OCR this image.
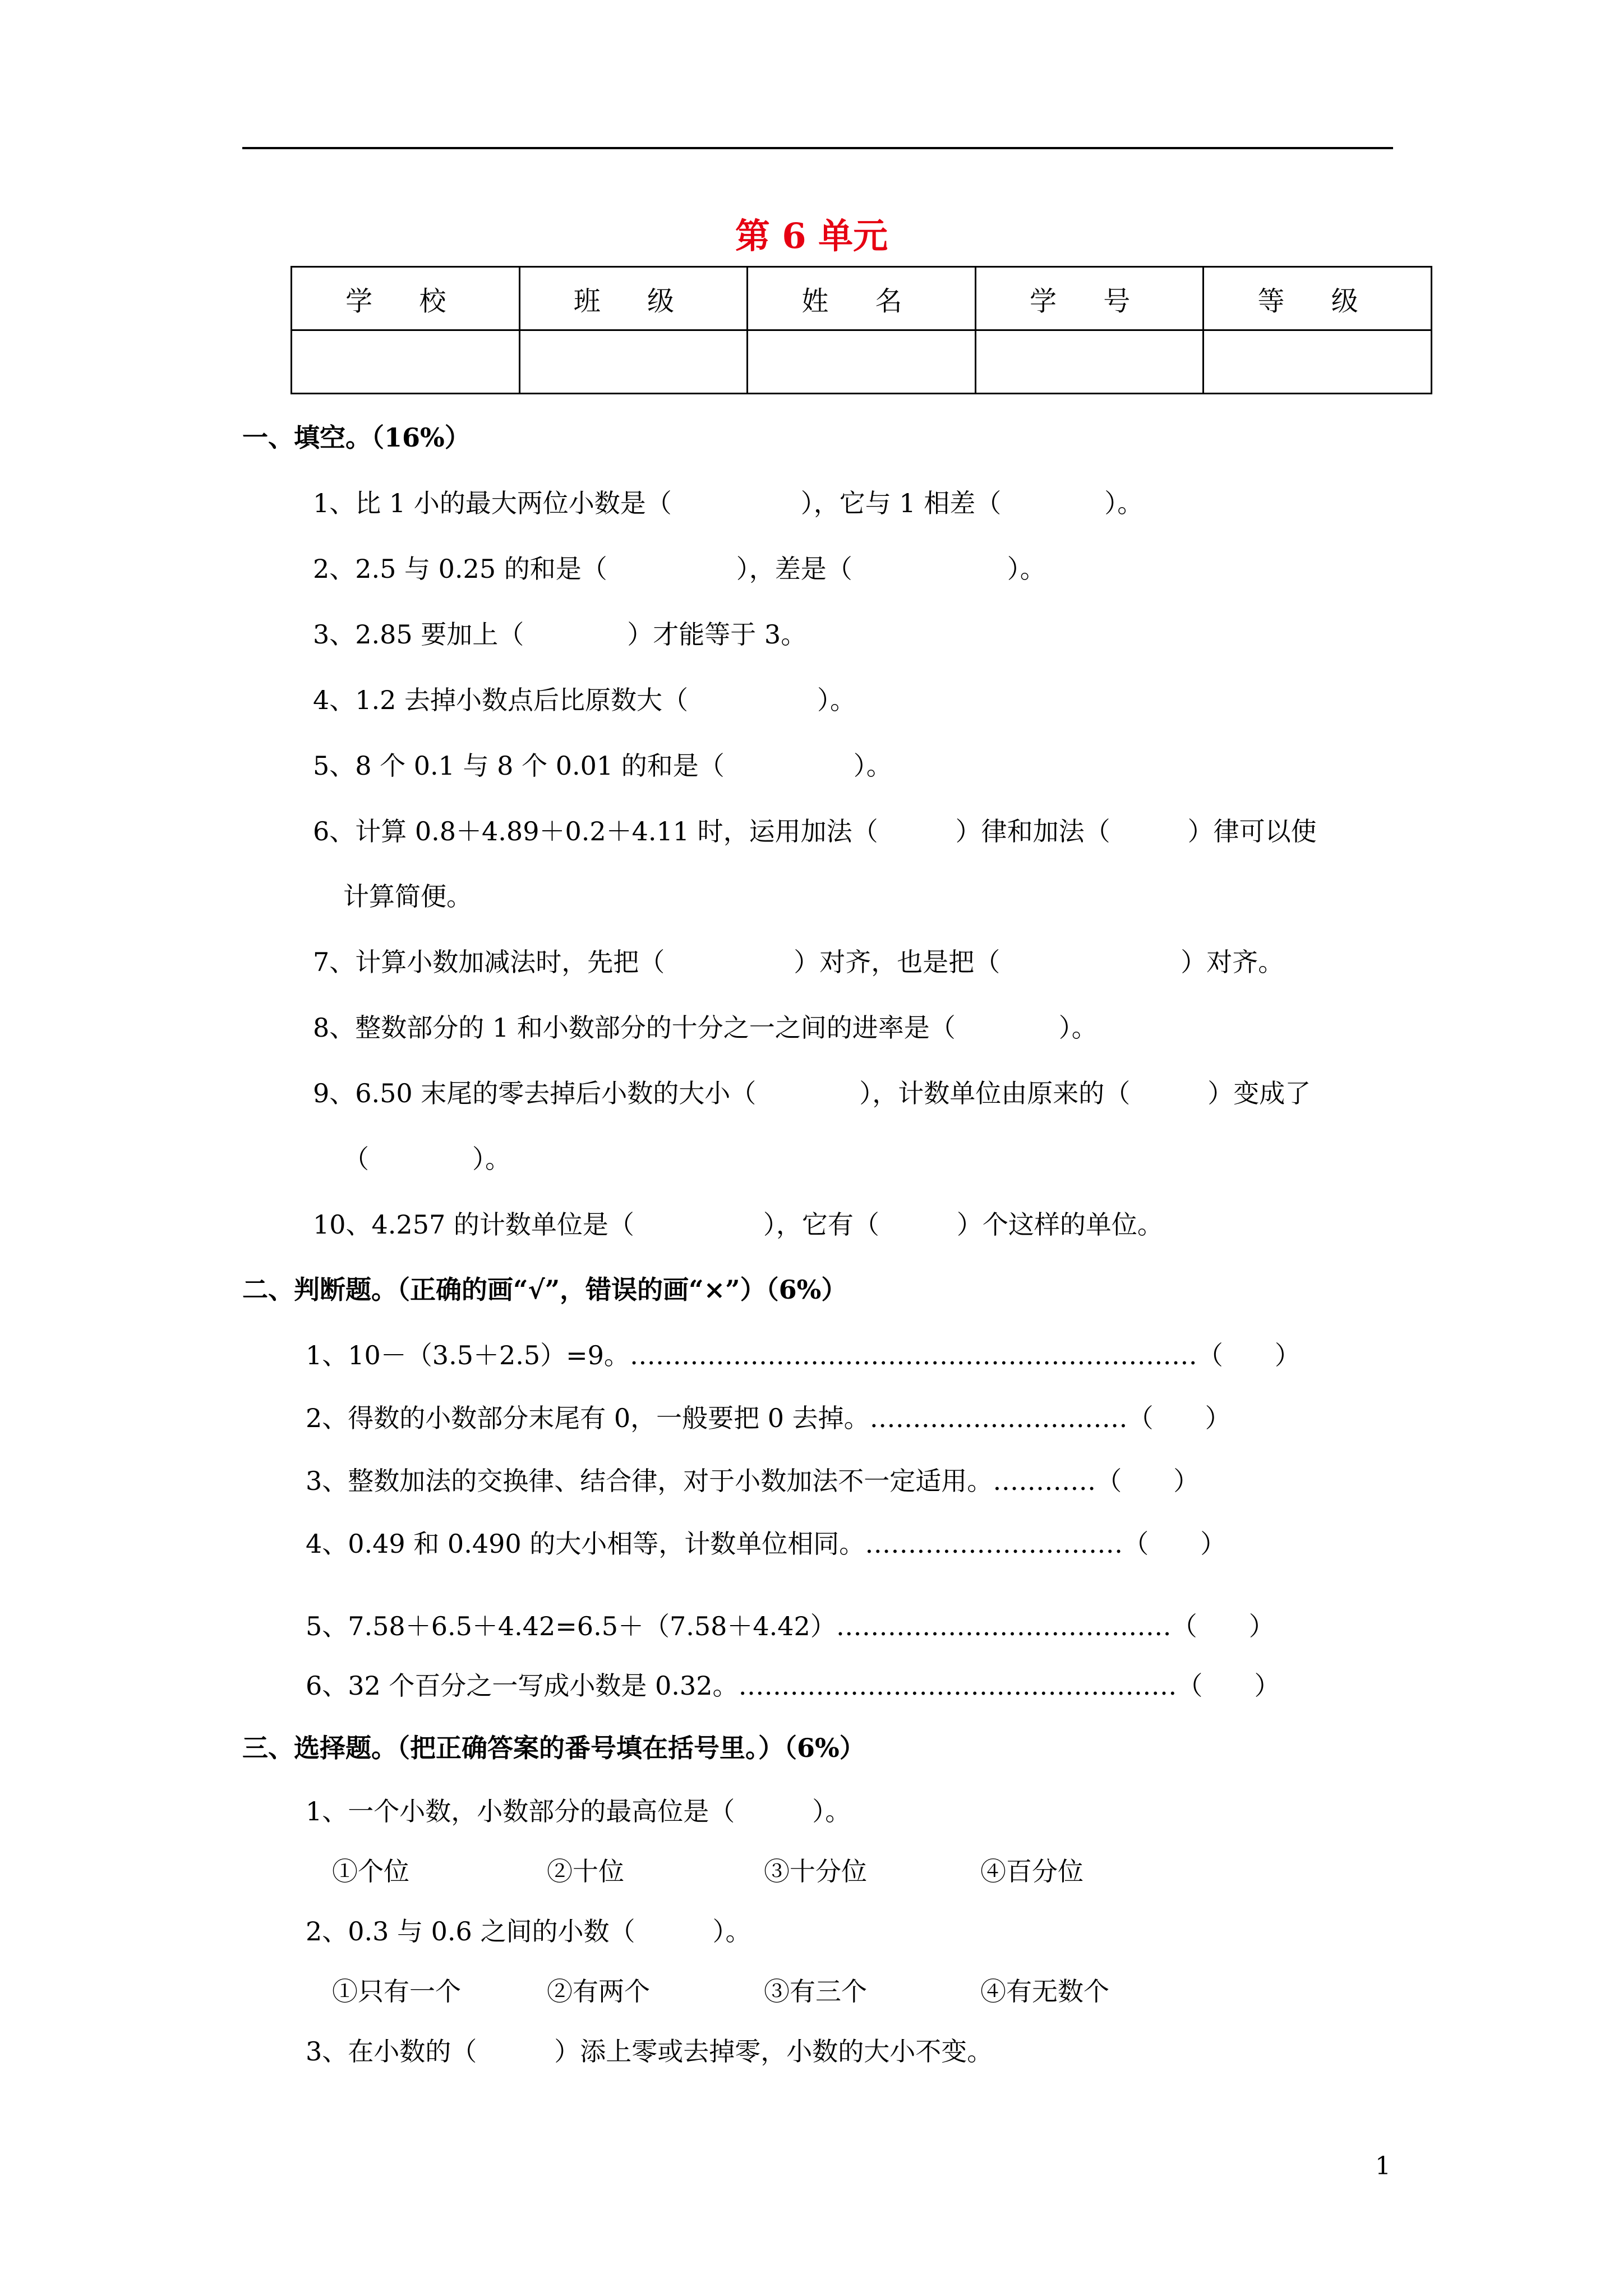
第 6 单元
学 校	班 级	姓 名	学 号	等 级

一、填空。（16%）
1、比 1 小的最大两位小数是（　　　　　），它与 1 相差（　　　　）。
2、2.5 与 0.25 的和是（　　　　　），差是（　　　　　　）。
3、2.85 要加上（　　　　）才能等于 3。
4、1.2 去掉小数点后比原数大（　　　　　）。
5、8 个 0.1 与 8 个 0.01 的和是（　　　　　）。
6、计算 0.8＋4.89＋0.2＋4.11 时，运用加法（　　　）律和加法（　　　）律可以使
计算简便。
7、计算小数加减法时，先把（　　　　　）对齐，也是把（　　　　　　　）对齐。
8、整数部分的 1 和小数部分的十分之一之间的进率是（　　　　）。
9、6.50 末尾的零去掉后小数的大小（　　　　），计数单位由原来的（　　　）变成了
（　　　　）。
10、4.257 的计数单位是（　　　　　），它有（　　　）个这样的单位。
二、判断题。（正确的画“√”，错误的画“×”）（6%）
1、10－（3.5＋2.5）=9。…………………………………………………………（　　）
2、得数的小数部分末尾有 0，一般要把 0 去掉。…………………………（　　）
3、整数加法的交换律、结合律，对于小数加法不一定适用。…………（　　）
4、0.49 和 0.490 的大小相等，计数单位相同。…………………………（　　）
5、7.58＋6.5＋4.42=6.5＋（7.58＋4.42）…………………………………（　　）
6、32 个百分之一写成小数是 0.32。……………………………………………（　　）
三、选择题。（把正确答案的番号填在括号里。）（6%）
1、一个小数，小数部分的最高位是（　　　）。
①个位	②十位	③十分位	④百分位
2、0.3 与 0.6 之间的小数（　　　）。
①只有一个	②有两个	③有三个	④有无数个
3、在小数的（　　　）添上零或去掉零，小数的大小不变。
1
